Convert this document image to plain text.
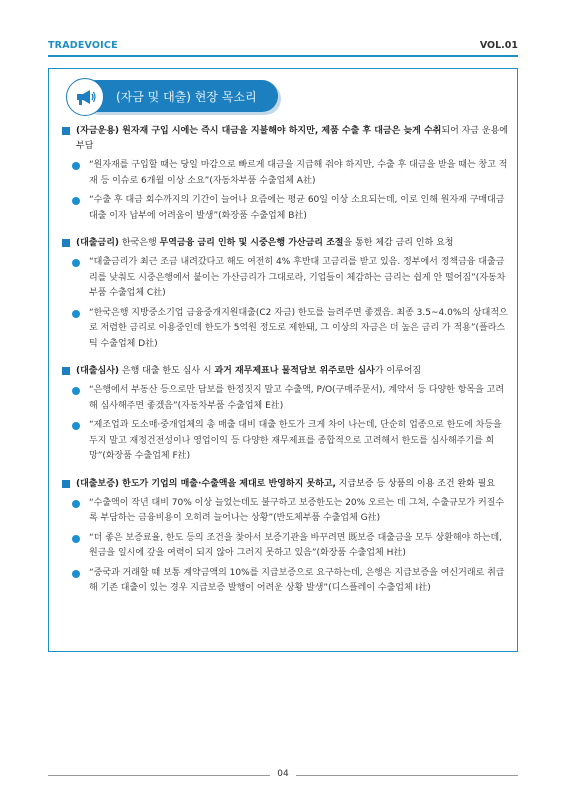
TRADEVOICE	VOL.01
(자금 및 대출) 현장 목소리
(자금운용) 원자재 구입 시에는 즉시 대금을 지불해야 하지만, 제품 수출 후 대금은 늦게 수취되어 자금 운용에 부담
“원자재를 구입할 때는 당일 마감으로 빠르게 대금을 지급해 줘야 하지만, 수출 후 대금을 받을 때는 창고 적재 등 이슈로 6개월 이상 소요”(자동차부품 수출업체 A社)
“수출 후 대금 회수까지의 기간이 늘어나 요즘에는 평균 60일 이상 소요되는데, 이로 인해 원자재 구매대금 대출 이자 납부에 어려움이 발생”(화장품 수출업체 B社)
(대출금리) 한국은행 무역금융 금리 인하 및 시중은행 가산금리 조절을 통한 체감 금리 인하 요청
“대출금리가 최근 조금 내려갔다고 해도 여전히 4% 후반대 고금리를 받고 있음. 정부에서 정책금융 대출금리를 낮춰도 시중은행에서 붙이는 가산금리가 그대로라, 기업들이 체감하는 금리는 쉽게 안 떨어짐”(자동차부품 수출업체 C社)
“한국은행 지방중소기업 금융중개지원대출(C2 자금) 한도를 늘려주면 좋겠음. 최종 3.5~4.0%의 상대적으로 저렴한 금리로 이용중인데 한도가 5억원 정도로 제한돼, 그 이상의 자금은 더 높은 금리 가 적용”(플라스틱 수출업체 D社)
(대출심사) 은행 대출 한도 심사 시 과거 재무제표나 물적담보 위주로만 심사가 이루어짐
“은행에서 부동산 등으로만 담보를 한정짓지 말고 수출액, P/O(구매주문서), 계약서 등 다양한 항목을 고려해 심사해주면 좋겠음”(자동차부품 수출업체 E社)
“제조업과 도소매·중개업체의 총 매출 대비 대출 한도가 크게 차이 나는데, 단순히 업종으로 한도에 차등을 두지 말고 재정건전성이나 영업이익 등 다양한 재무제표를 종합적으로 고려해서 한도를 심사해주기를 희망”(화장품 수출업체 F社)
(대출보증) 한도가 기업의 매출·수출액을 제대로 반영하지 못하고, 지급보증 등 상품의 이용 조건 완화 필요
“수출액이 작년 대비 70% 이상 늘었는데도 불구하고 보증한도는 20% 오르는 데 그쳐, 수출규모가 커질수록 부담하는 금융비용이 오히려 늘어나는 상황”(반도체부품 수출업체 G社)
“더 좋은 보증료율, 한도 등의 조건을 찾아서 보증기관을 바꾸려면 既보증 대출금을 모두 상환해야 하는데, 원금을 일시에 갚을 여력이 되지 않아 그러지 못하고 있음”(화장품 수출업체 H社)
“중국과 거래할 때 보통 계약금액의 10%를 지급보증으로 요구하는데, 은행은 지급보증을 여신거래로 취급해 기존 대출이 있는 경우 지급보증 발행이 어려운 상황 발생”(디스플레이 수출업체 I社)
04
